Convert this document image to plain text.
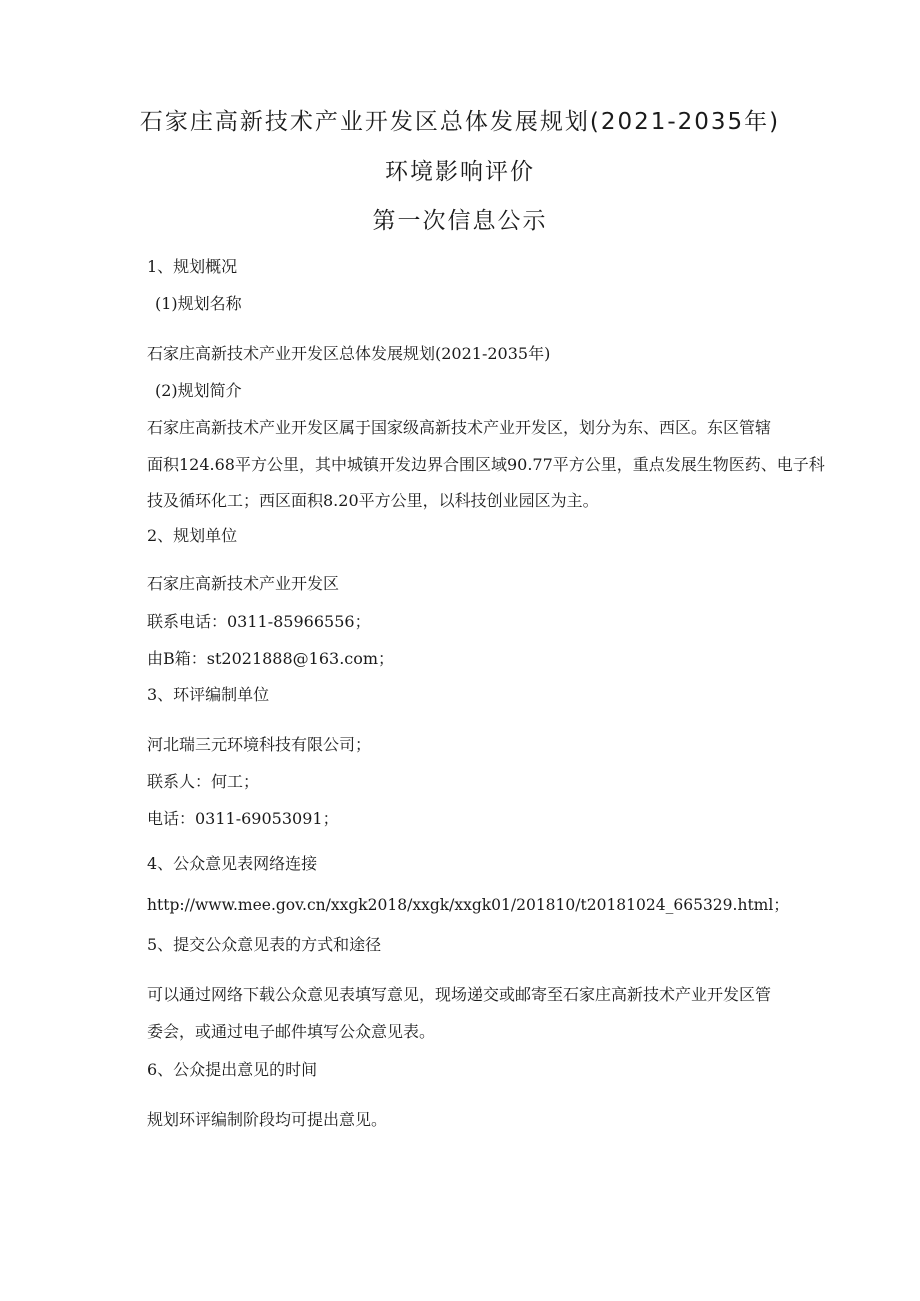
石家庄高新技术产业开发区总体发展规划(2021-2035年)
环境影响评价
第一次信息公示
1、规划概况
(1)规划名称
石家庄高新技术产业开发区总体发展规划(2021-2035年)
(2)规划简介
石家庄高新技术产业开发区属于国家级高新技术产业开发区，划分为东、西区。东区管辖
面积124.68平方公里，其中城镇开发边界合围区域90.77平方公里，重点发展生物医药、电子科
技及循环化工；西区面积8.20平方公里，以科技创业园区为主。
2、规划单位
石家庄高新技术产业开发区
联系电话：0311-85966556；
由B箱：st2021888@163.com；
3、环评编制单位
河北瑞三元环境科技有限公司；
联系人：何工；
电话：0311-69053091；
4、公众意见表网络连接
http://www.mee.gov.cn/xxgk2018/xxgk/xxgk01/201810/t20181024_665329.html；
5、提交公众意见表的方式和途径
可以通过网络下载公众意见表填写意见，现场递交或邮寄至石家庄高新技术产业开发区管
委会，或通过电子邮件填写公众意见表。
6、公众提出意见的时间
规划环评编制阶段均可提出意见。
